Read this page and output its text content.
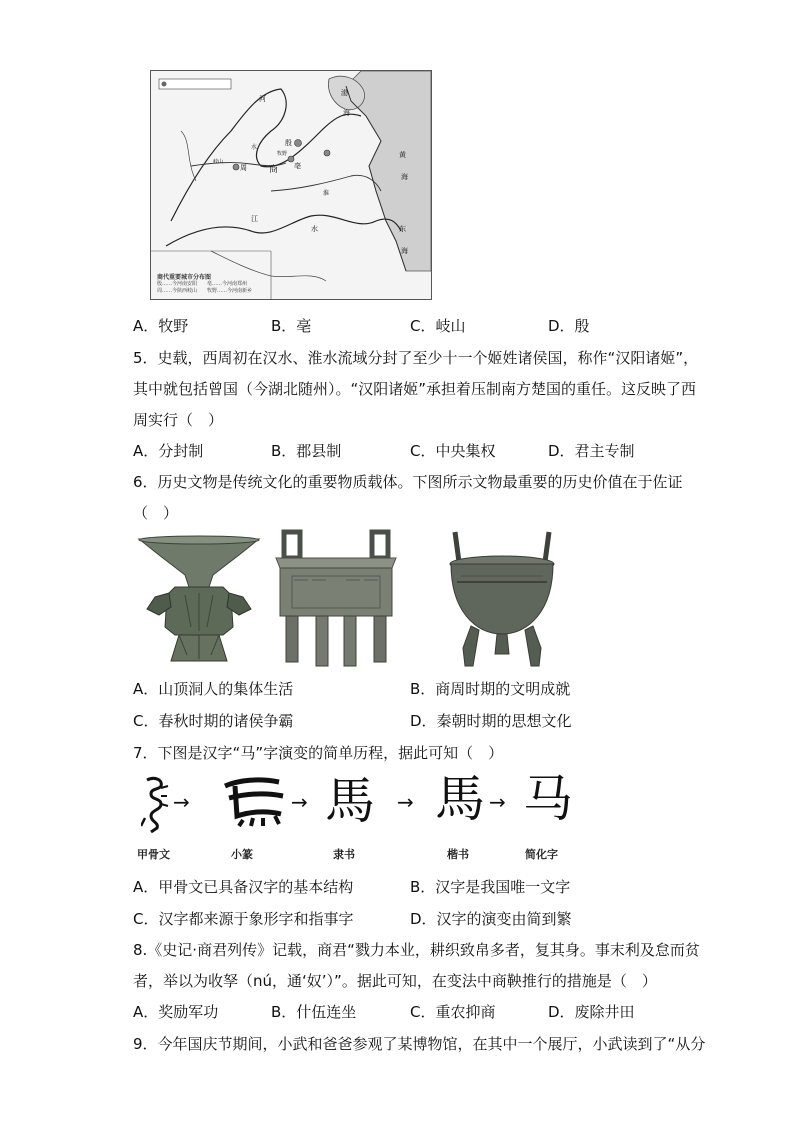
殷
牧野
亳
周 商
岐山
河
水
江
水
淮
渤
海
黄
海
东
海
商代重要城市分布图
殷……今河南安阳　　亳……今河南郑州
周……今陕西岐山　　牧野……今河南新乡
A．牧野	B．亳	C．岐山	D．殷
5．史载，西周初在汉水、淮水流域分封了至少十一个姬姓诸侯国，称作“汉阳诸姬”，
其中就包括曾国（今湖北随州）。“汉阳诸姬”承担着压制南方楚国的重任。这反映了西
周实行（　）
A．分封制	B．郡县制	C．中央集权	D．君主专制
6．历史文物是传统文化的重要物质载体。下图所示文物最重要的历史价值在于佐证
（　）
A．山顶洞人的集体生活	B．商周时期的文明成就
C．春秋时期的诸侯争霸	D．秦朝时期的思想文化
7．下图是汉字“马”字演变的简单历程，据此可知（　）
→	→ 馬 → 馬 → 马
甲骨文	小篆	隶书	楷书	简化字
A．甲骨文已具备汉字的基本结构	B．汉字是我国唯一文字
C．汉字都来源于象形字和指事字	D．汉字的演变由简到繁
8.《史记·商君列传》记载，商君“戮力本业，耕织致帛多者，复其身。事末利及怠而贫
者，举以为收孥（nú，通‘奴’）”。据此可知，在变法中商鞅推行的措施是（　）
A．奖励军功	B．什伍连坐	C．重农抑商	D．废除井田
9．今年国庆节期间，小武和爸爸参观了某博物馆，在其中一个展厅，小武读到了“从分
